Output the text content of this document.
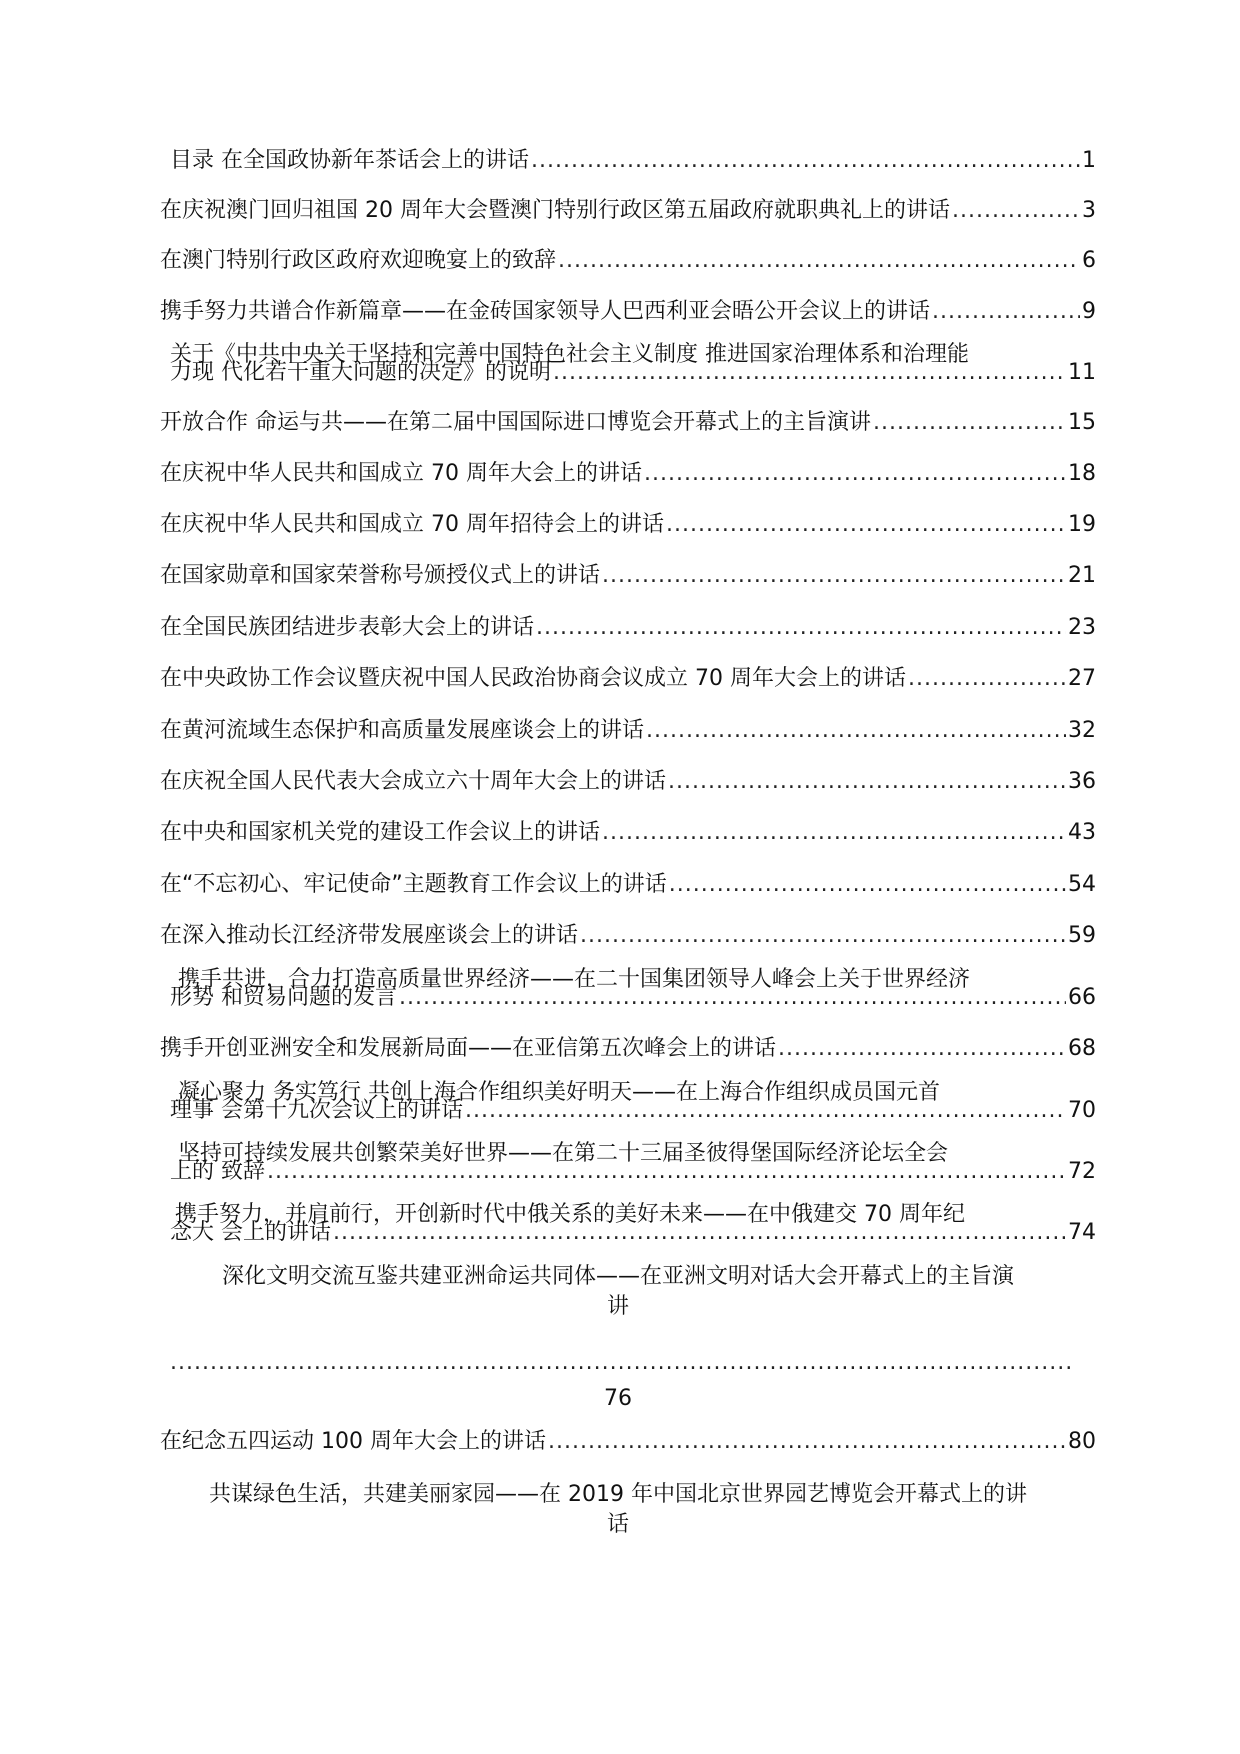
目录 在全国政协新年茶话会上的讲话 .....	1
在庆祝澳门回归祖国 20 周年大会暨澳门特别行政区第五届政府就职典礼上的讲话 .....	3
在澳门特别行政区政府欢迎晚宴上的致辞 .....	6
携手努力共谱合作新篇章——在金砖国家领导人巴西利亚会晤公开会议上的讲话 .....	9
关于《中共中央关于坚持和完善中国特色社会主义制度 推进国家治理体系和治理能
力现 代化若干重大问题的决定》的说明 .....	11
开放合作 命运与共——在第二届中国国际进口博览会开幕式上的主旨演讲 .....	15
在庆祝中华人民共和国成立 70 周年大会上的讲话 .....	18
在庆祝中华人民共和国成立 70 周年招待会上的讲话 .....	19
在国家勋章和国家荣誉称号颁授仪式上的讲话 .....	21
在全国民族团结进步表彰大会上的讲话 .....	23
在中央政协工作会议暨庆祝中国人民政治协商会议成立 70 周年大会上的讲话 .....	27
在黄河流域生态保护和高质量发展座谈会上的讲话 .....	32
在庆祝全国人民代表大会成立六十周年大会上的讲话 .....	36
在中央和国家机关党的建设工作会议上的讲话 .....	43
在“不忘初心、牢记使命”主题教育工作会议上的讲话 .....	54
在深入推动长江经济带发展座谈会上的讲话 .....	59
携手共进，合力打造高质量世界经济——在二十国集团领导人峰会上关于世界经济
形势 和贸易问题的发言 .....	66
携手开创亚洲安全和发展新局面——在亚信第五次峰会上的讲话 .....	68
凝心聚力 务实笃行 共创上海合作组织美好明天——在上海合作组织成员国元首
理事 会第十九次会议上的讲话 .....	70
坚持可持续发展共创繁荣美好世界——在第二十三届圣彼得堡国际经济论坛全会
上的 致辞 .....	72
携手努力，并肩前行，开创新时代中俄关系的美好未来——在中俄建交 70 周年纪
念大 会上的讲话 .....	74
深化文明交流互鉴共建亚洲命运共同体——在亚洲文明对话大会开幕式上的主旨演
讲
.....
76
在纪念五四运动 100 周年大会上的讲话 .....	80
共谋绿色生活，共建美丽家园——在 2019 年中国北京世界园艺博览会开幕式上的讲
话
